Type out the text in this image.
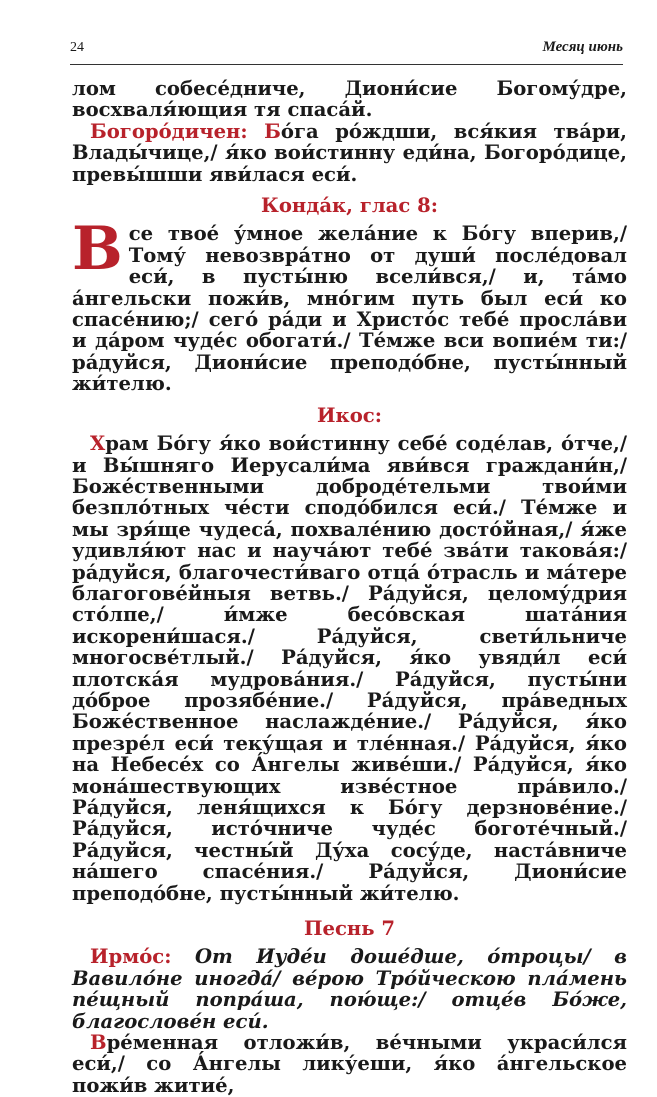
24	Месяц июнь

лом собесе́дниче, Диони́сие Богому́дре, восхваля́ющия тя спаса́й.

Богоро́дичен: Бо́га ро́ждши, вся́кия тва́ри, Влады́чице,/ я́ко вои́стинну еди́на, Богоро́дице, превы́шши яви́лася еси́.

Конда́к, глас 8:

Все твое́ у́мное жела́ние к Бо́гу вперив,/ Тому́ невозвра́тно от души́ после́довал еси́, в пусты́ню всели́вся,/ и, та́мо а́нгельски пожи́в, мно́гим путь был еси́ ко спасе́нию;/ сего́ ра́ди и Христо́с тебе́ просла́ви и да́ром чуде́с обогати́./ Те́мже вси вопие́м ти:/ ра́дуйся, Диони́сие преподо́бне, пусты́нный жи́телю.

Икос:

Храм Бо́гу я́ко вои́стинну себе́ соде́лав, о́тче,/ и Вы́шняго Иерусали́ма яви́вся граждани́н,/ Боже́ственными доброде́тельми твои́ми безпло́тных че́сти сподо́бился еси́./ Те́мже и мы зря́ще чудеса́, похвале́нию досто́йная,/ я́же удивля́ют нас и науча́ют тебе́ зва́ти такова́я:/ ра́дуйся, благочести́ваго отца́ о́трасль и ма́тере благогове́йныя ветвь./ Ра́дуйся, целому́дрия сто́лпе,/ и́мже бесо́вская шата́ния искорени́шася./ Ра́дуйся, свети́льниче многосве́тлый./ Ра́дуйся, я́ко увяди́л еси́ плотска́я мудрова́ния./ Ра́дуйся, пусты́ни до́брое прозябе́ние./ Ра́дуйся, пра́ведных Боже́ственное наслажде́ние./ Ра́дуйся, я́ко презре́л еси́ теку́щая и тле́нная./ Ра́дуйся, я́ко на Небесе́х со А́нгелы живе́ши./ Ра́дуйся, я́ко мона́шествующих изве́стное пра́вило./ Ра́дуйся, леня́щихся к Бо́гу дерзнове́ние./ Ра́дуйся, исто́чниче чуде́с боготе́чный./ Ра́дуйся, честны́й Ду́ха сосу́де, наста́вниче на́шего спасе́ния./ Ра́дуйся, Диони́сие преподо́бне, пусты́нный жи́телю.

Песнь 7

Ирмо́с: От Иуде́и доше́дше, о́троцы/ в Вавило́не иногда́/ ве́рою Тро́йческою пла́мень пе́щный попра́ша, пою́ще:/ отце́в Бо́же, благослове́н еси́.

Вре́менная отложи́в, ве́чными украси́лся еси́,/ со А́нгелы лику́еши, я́ко а́нгельское пожи́в житие́,
